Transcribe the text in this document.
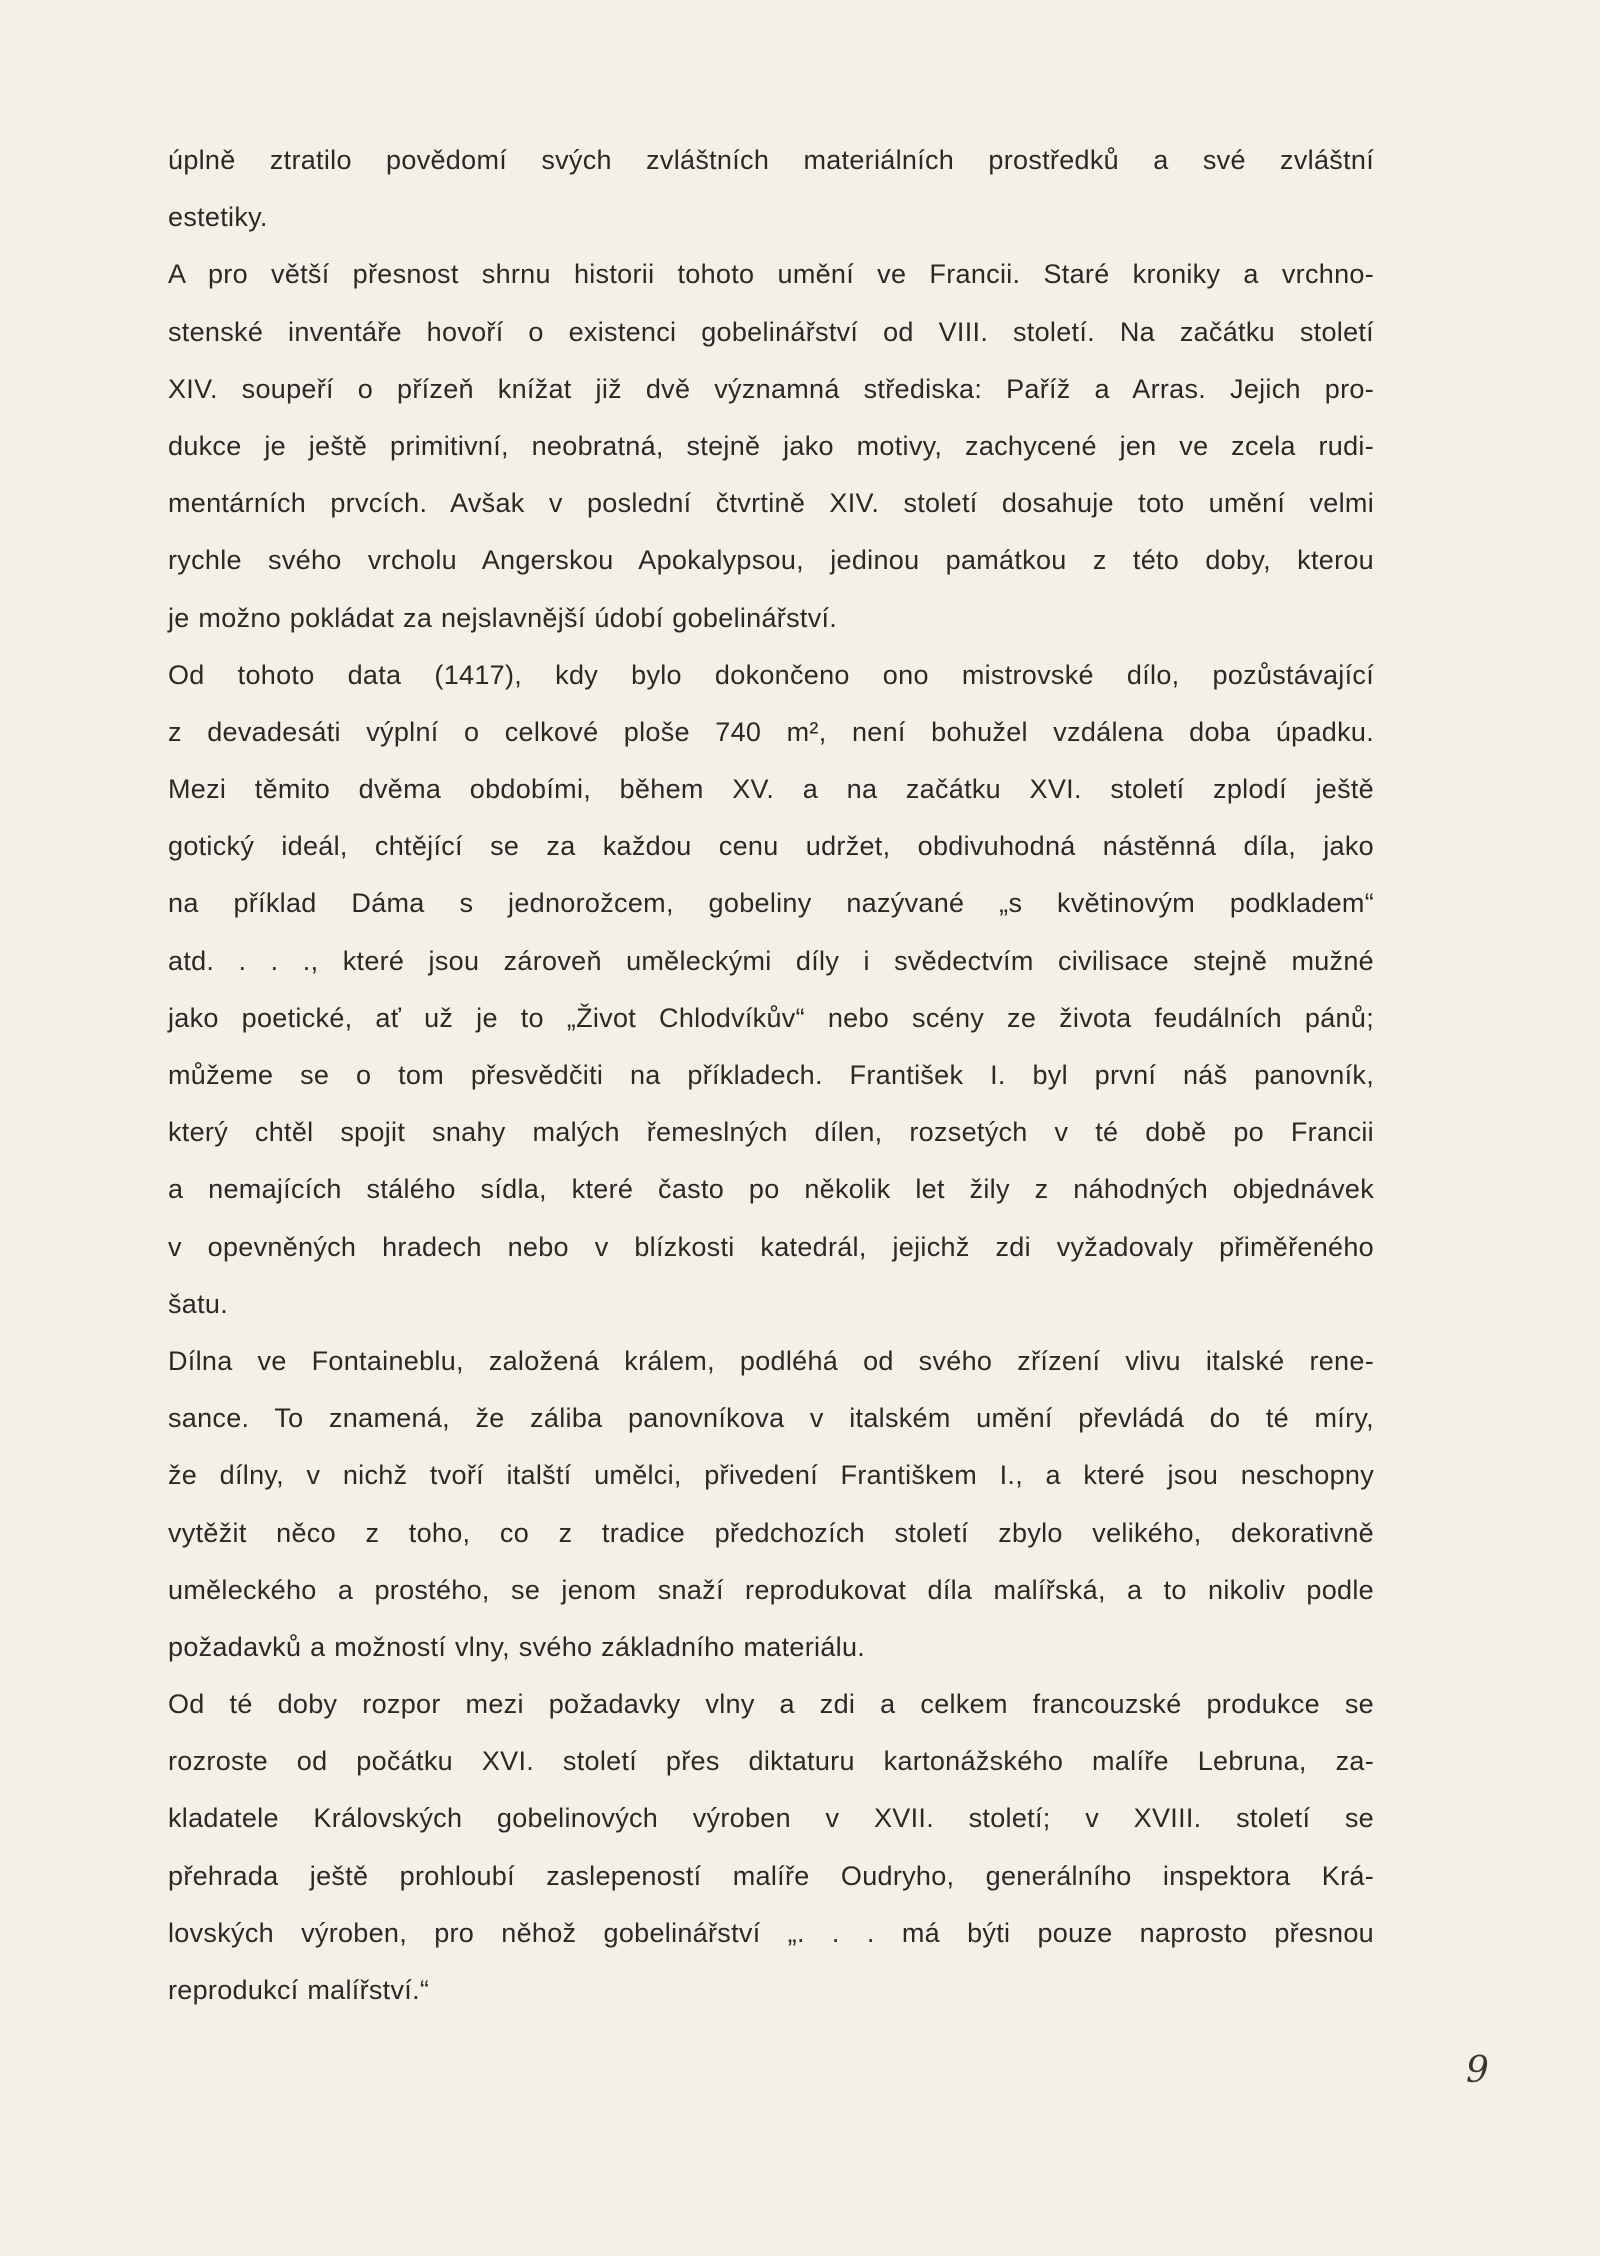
úplně ztratilo povědomí svých zvláštních materiálních prostředků a své zvláštní
estetiky.
A pro větší přesnost shrnu historii tohoto umění ve Francii. Staré kroniky a vrchno-
stenské inventáře hovoří o existenci gobelinářství od VIII. století. Na začátku století
XIV. soupeří o přízeň knížat již dvě významná střediska: Paříž a Arras. Jejich pro-
dukce je ještě primitivní, neobratná, stejně jako motivy, zachycené jen ve zcela rudi-
mentárních prvcích. Avšak v poslední čtvrtině XIV. století dosahuje toto umění velmi
rychle svého vrcholu Angerskou Apokalypsou, jedinou památkou z této doby, kterou
je možno pokládat za nejslavnější údobí gobelinářství.
Od tohoto data (1417), kdy bylo dokončeno ono mistrovské dílo, pozůstávající
z devadesáti výplní o celkové ploše 740 m², není bohužel vzdálena doba úpadku.
Mezi těmito dvěma obdobími, během XV. a na začátku XVI. století zplodí ještě
gotický ideál, chtějící se za každou cenu udržet, obdivuhodná nástěnná díla, jako
na příklad Dáma s jednorožcem, gobeliny nazývané „s květinovým podkladem“
atd. . . ., které jsou zároveň uměleckými díly i svědectvím civilisace stejně mužné
jako poetické, ať už je to „Život Chlodvíkův“ nebo scény ze života feudálních pánů;
můžeme se o tom přesvědčiti na příkladech. František I. byl první náš panovník,
který chtěl spojit snahy malých řemeslných dílen, rozsetých v té době po Francii
a nemajících stálého sídla, které často po několik let žily z náhodných objednávek
v opevněných hradech nebo v blízkosti katedrál, jejichž zdi vyžadovaly přiměřeného
šatu.
Dílna ve Fontaineblu, založená králem, podléhá od svého zřízení vlivu italské rene-
sance. To znamená, že záliba panovníkova v italském umění převládá do té míry,
že dílny, v nichž tvoří italští umělci, přivedení Františkem I., a které jsou neschopny
vytěžit něco z toho, co z tradice předchozích století zbylo velikého, dekorativně
uměleckého a prostého, se jenom snaží reprodukovat díla malířská, a to nikoliv podle
požadavků a možností vlny, svého základního materiálu.
Od té doby rozpor mezi požadavky vlny a zdi a celkem francouzské produkce se
rozroste od počátku XVI. století přes diktaturu kartonážského malíře Lebruna, za-
kladatele Královských gobelinových výroben v XVII. století; v XVIII. století se
přehrada ještě prohloubí zaslepeností malíře Oudryho, generálního inspektora Krá-
lovských výroben, pro něhož gobelinářství „. . . má býti pouze naprosto přesnou
reprodukcí malířství.“
9
